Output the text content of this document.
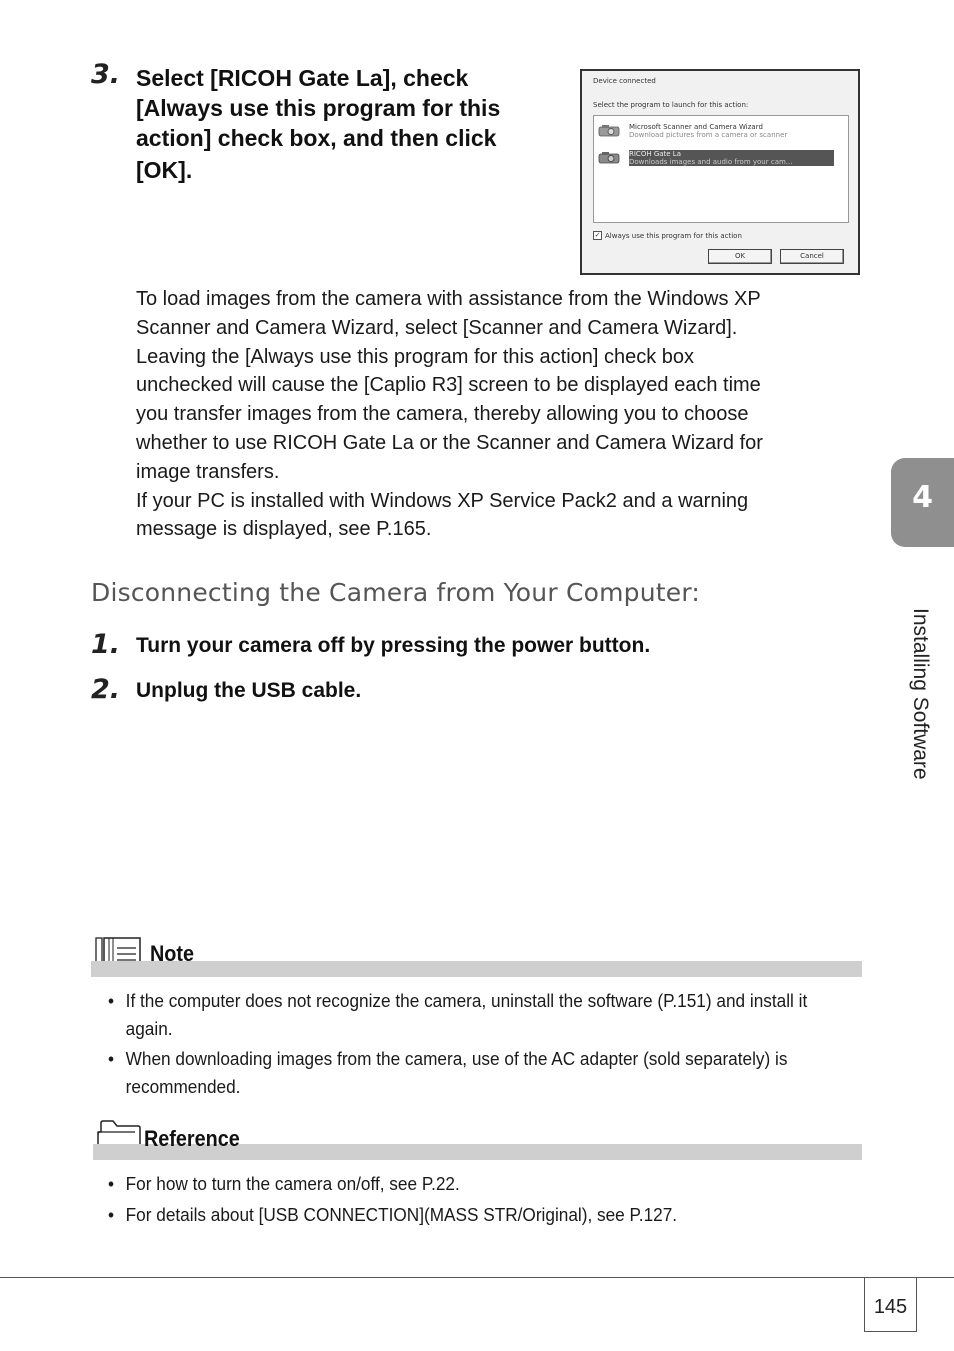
3. Select [RICOH Gate La], check
[Always use this program for this
action] check box, and then click
[OK].
Device connected
Select the program to launch for this action:
Microsoft Scanner and Camera Wizard
Download pictures from a camera or scanner
RICOH Gate La
Downloads images and audio from your cam...
✓ Always use this program for this action
OK	Cancel
To load images from the camera with assistance from the Windows XP
Scanner and Camera Wizard, select [Scanner and Camera Wizard].
Leaving the [Always use this program for this action] check box
unchecked will cause the [Caplio R3] screen to be displayed each time
you transfer images from the camera, thereby allowing you to choose
whether to use RICOH Gate La or the Scanner and Camera Wizard for
image transfers.
If your PC is installed with Windows XP Service Pack2 and a warning
message is displayed, see P.165.
Disconnecting the Camera from Your Computer:
1. Turn your camera off by pressing the power button.
2. Unplug the USB cable.
4
Installing Software
Note
• If the computer does not recognize the camera, uninstall the software (P.151) and install it
again.
• When downloading images from the camera, use of the AC adapter (sold separately) is
recommended.
Reference
• For how to turn the camera on/off, see P.22.
• For details about [USB CONNECTION](MASS STR/Original), see P.127.
145
